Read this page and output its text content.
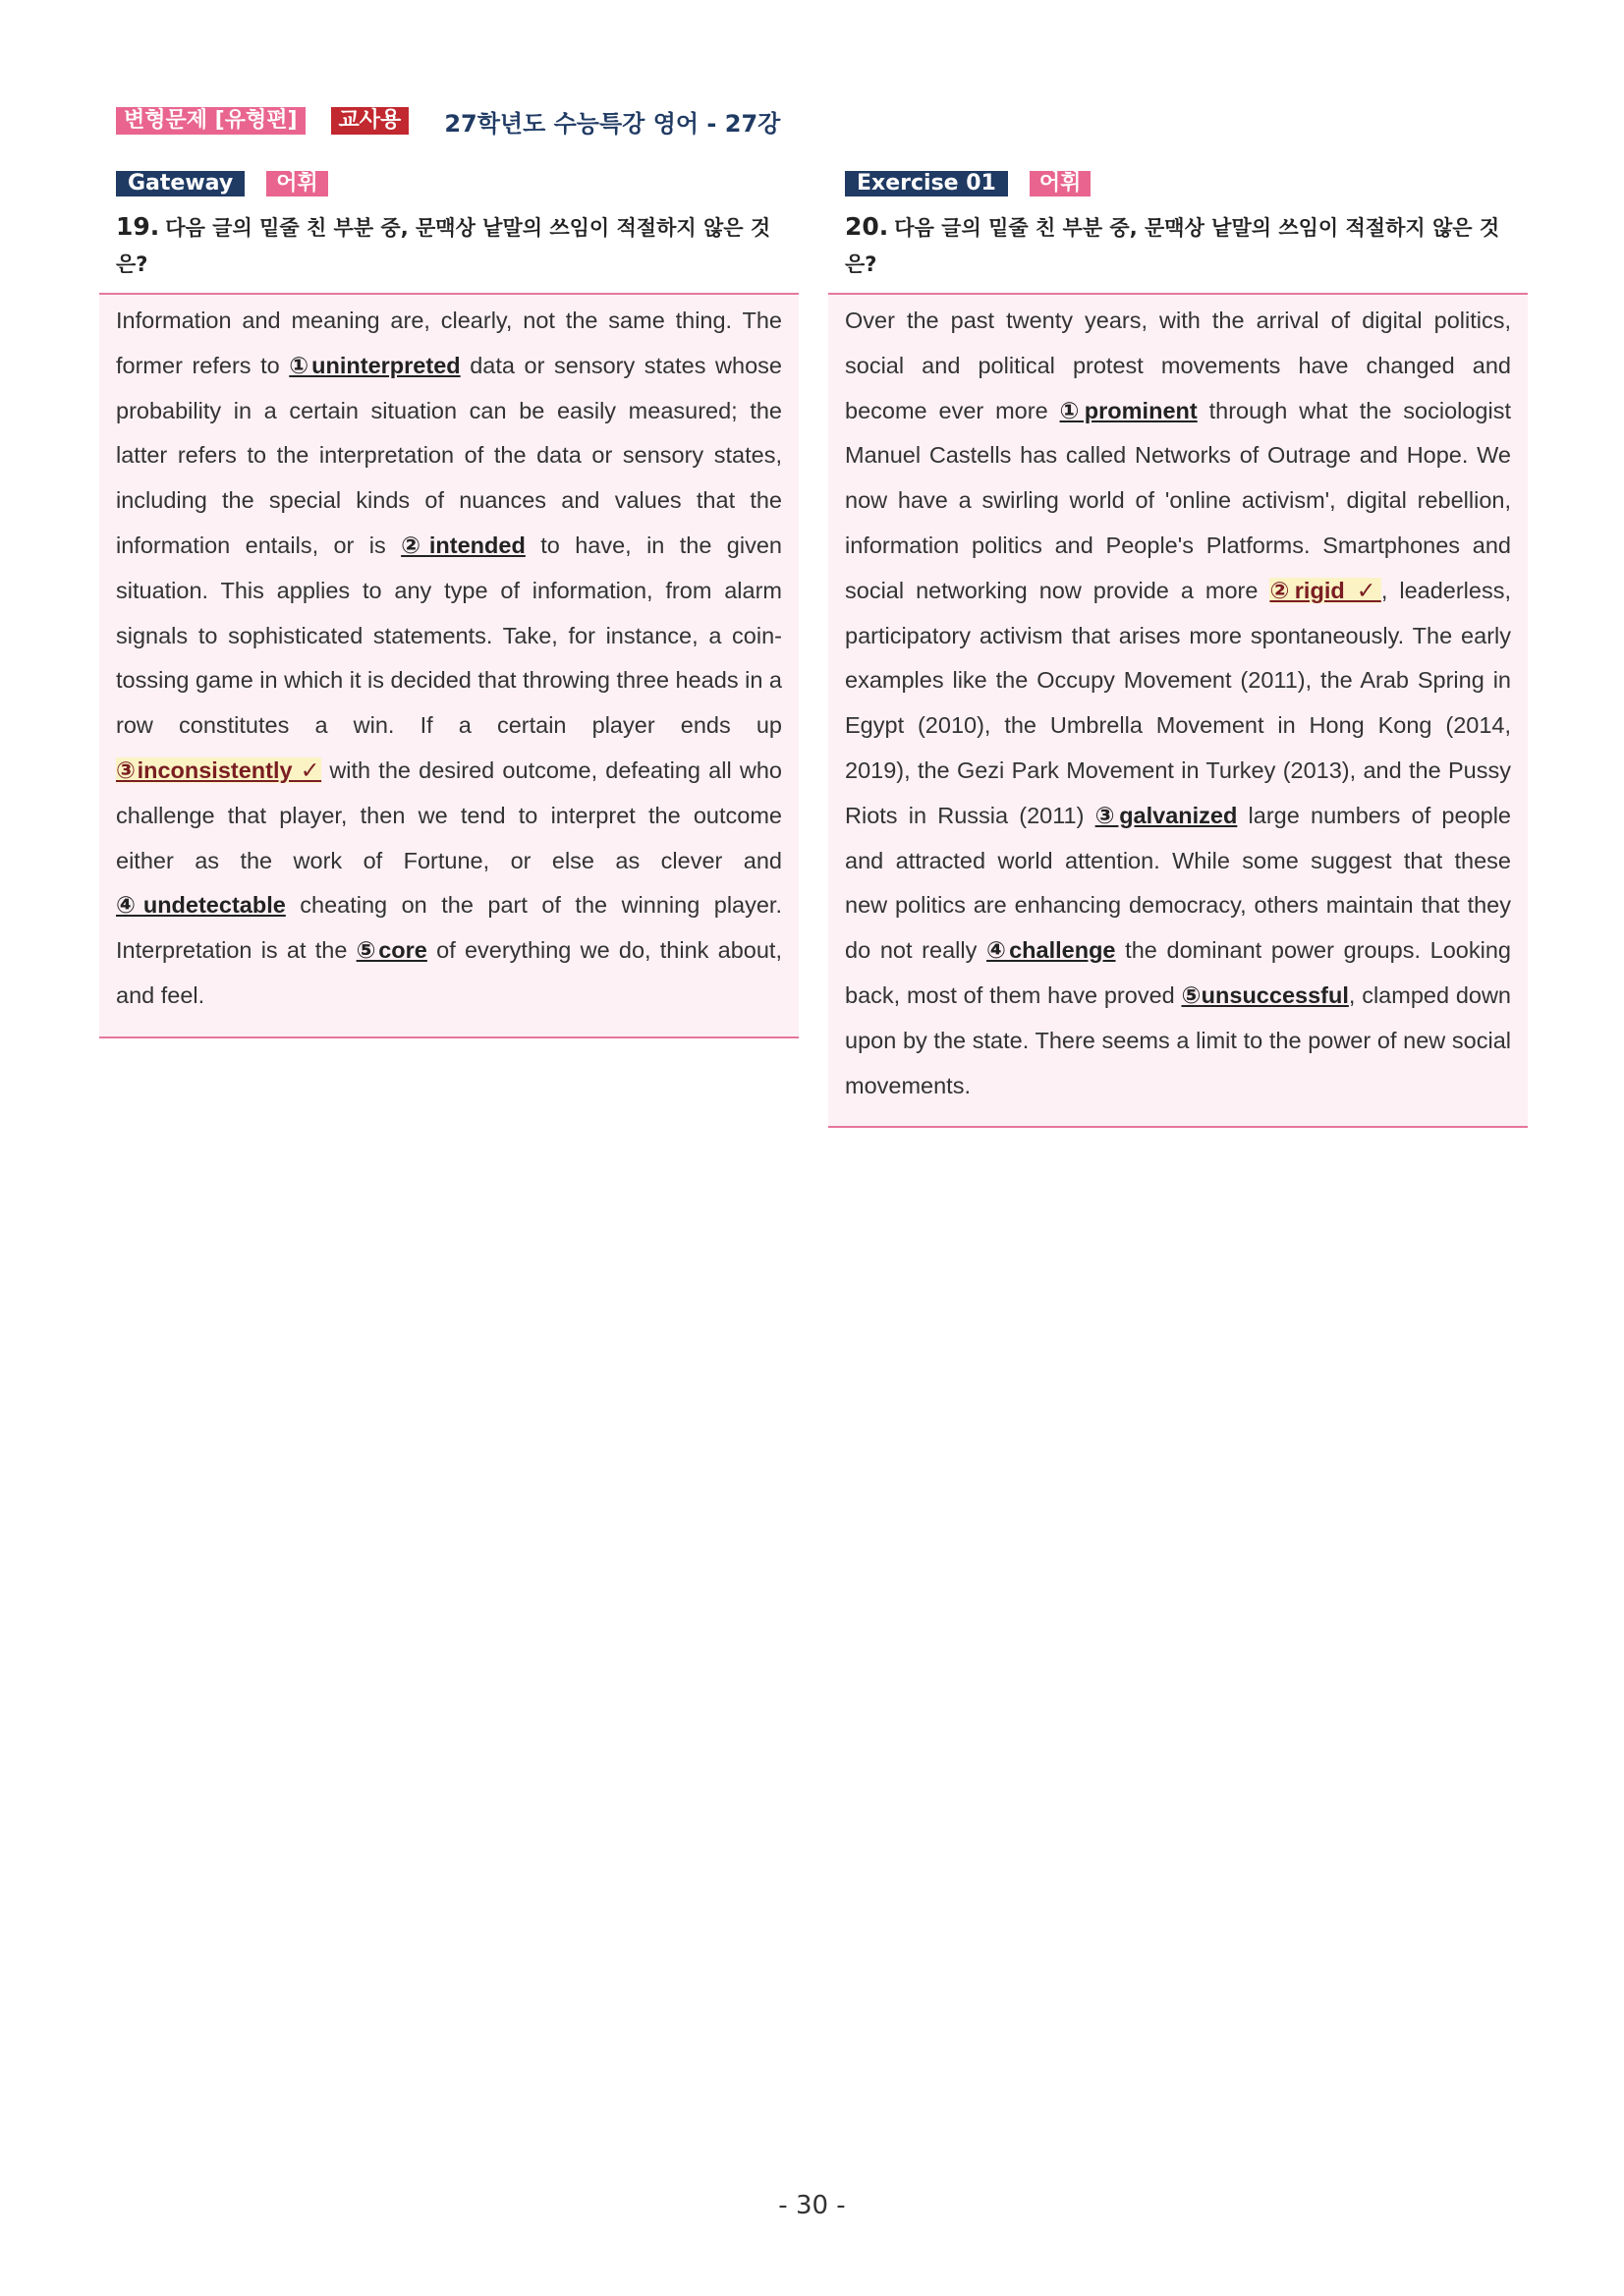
변형문제 [유형편]	교사용	27학년도 수능특강 영어 - 27강
Gateway	어휘
19. 다음 글의 밑줄 친 부분 중, 문맥상 낱말의 쓰임이 적절하지 않은 것은?
Information and meaning are, clearly, not the same thing. The former refers to ①uninterpreted data or sensory states whose probability in a certain situation can be easily measured; the latter refers to the interpretation of the data or sensory states, including the special kinds of nuances and values that the information entails, or is ②intended to have, in the given situation. This applies to any type of information, from alarm signals to sophisticated statements. Take, for instance, a coin-tossing game in which it is decided that throwing three heads in a row constitutes a win. If a certain player ends up ③inconsistently ✓ with the desired outcome, defeating all who challenge that player, then we tend to interpret the outcome either as the work of Fortune, or else as clever and ④undetectable cheating on the part of the winning player. Interpretation is at the ⑤core of everything we do, think about, and feel.
Exercise 01	어휘
20. 다음 글의 밑줄 친 부분 중, 문맥상 낱말의 쓰임이 적절하지 않은 것은?
Over the past twenty years, with the arrival of digital politics, social and political protest movements have changed and become ever more ①prominent through what the sociologist Manuel Castells has called Networks of Outrage and Hope. We now have a swirling world of 'online activism', digital rebellion, information politics and People's Platforms. Smartphones and social networking now provide a more ②rigid ✓, leaderless, participatory activism that arises more spontaneously. The early examples like the Occupy Movement (2011), the Arab Spring in Egypt (2010), the Umbrella Movement in Hong Kong (2014, 2019), the Gezi Park Movement in Turkey (2013), and the Pussy Riots in Russia (2011) ③galvanized large numbers of people and attracted world attention. While some suggest that these new politics are enhancing democracy, others maintain that they do not really ④challenge the dominant power groups. Looking back, most of them have proved ⑤unsuccessful, clamped down upon by the state. There seems a limit to the power of new social movements.
- 30 -
